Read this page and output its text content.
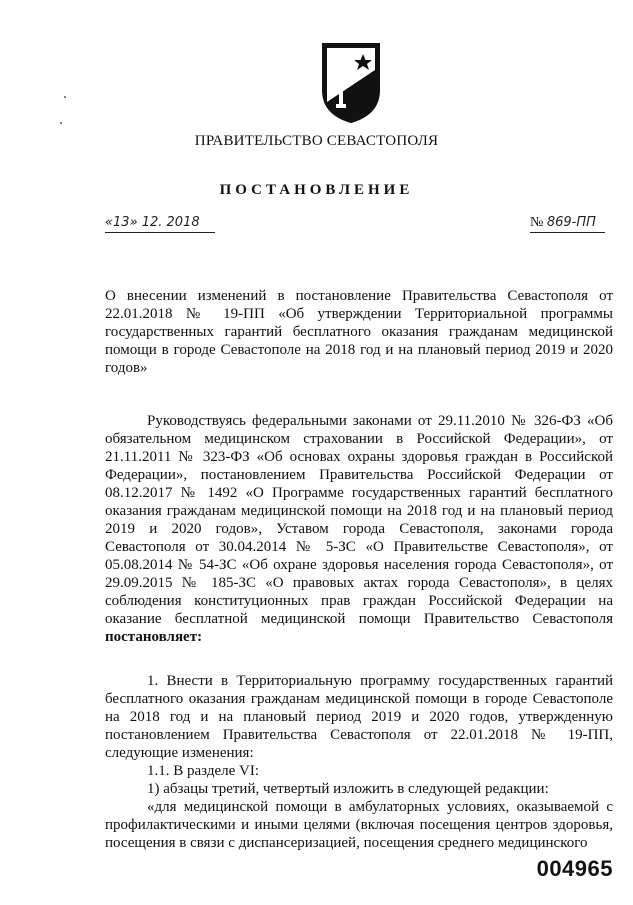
ПРАВИТЕЛЬСТВО СЕВАСТОПОЛЯ
ПОСТАНОВЛЕНИЕ
«13» 12. 2018	№ 869-ПП
О внесении изменений в постановление Правительства Севастополя от 22.01.2018 № 19-ПП «Об утверждении Территориальной программы государственных гарантий бесплатного оказания гражданам медицинской помощи в городе Севастополе на 2018 год и на плановый период 2019 и 2020 годов»

Руководствуясь федеральными законами от 29.11.2010 № 326-ФЗ «Об обязательном медицинском страховании в Российской Федерации», от 21.11.2011 № 323-ФЗ «Об основах охраны здоровья граждан в Российской Федерации», постановлением Правительства Российской Федерации от 08.12.2017 № 1492 «О Программе государственных гарантий бесплатного оказания гражданам медицинской помощи на 2018 год и на плановый период 2019 и 2020 годов», Уставом города Севастополя, законами города Севастополя от 30.04.2014 № 5-ЗС «О Правительстве Севастополя», от 05.08.2014 № 54-ЗС «Об охране здоровья населения города Севастополя», от 29.09.2015 № 185-ЗС «О правовых актах города Севастополя», в целях соблюдения конституционных прав граждан Российской Федерации на оказание бесплатной медицинской помощи Правительство Севастополя постановляет:

1. Внести в Территориальную программу государственных гарантий бесплатного оказания гражданам медицинской помощи в городе Севастополе на 2018 год и на плановый период 2019 и 2020 годов, утвержденную постановлением Правительства Севастополя от 22.01.2018 № 19-ПП, следующие изменения:

1.1. В разделе VI:

1) абзацы третий, четвертый изложить в следующей редакции:

«для медицинской помощи в амбулаторных условиях, оказываемой с профилактическими и иными целями (включая посещения центров здоровья, посещения в связи с диспансеризацией, посещения среднего медицинского

004965
